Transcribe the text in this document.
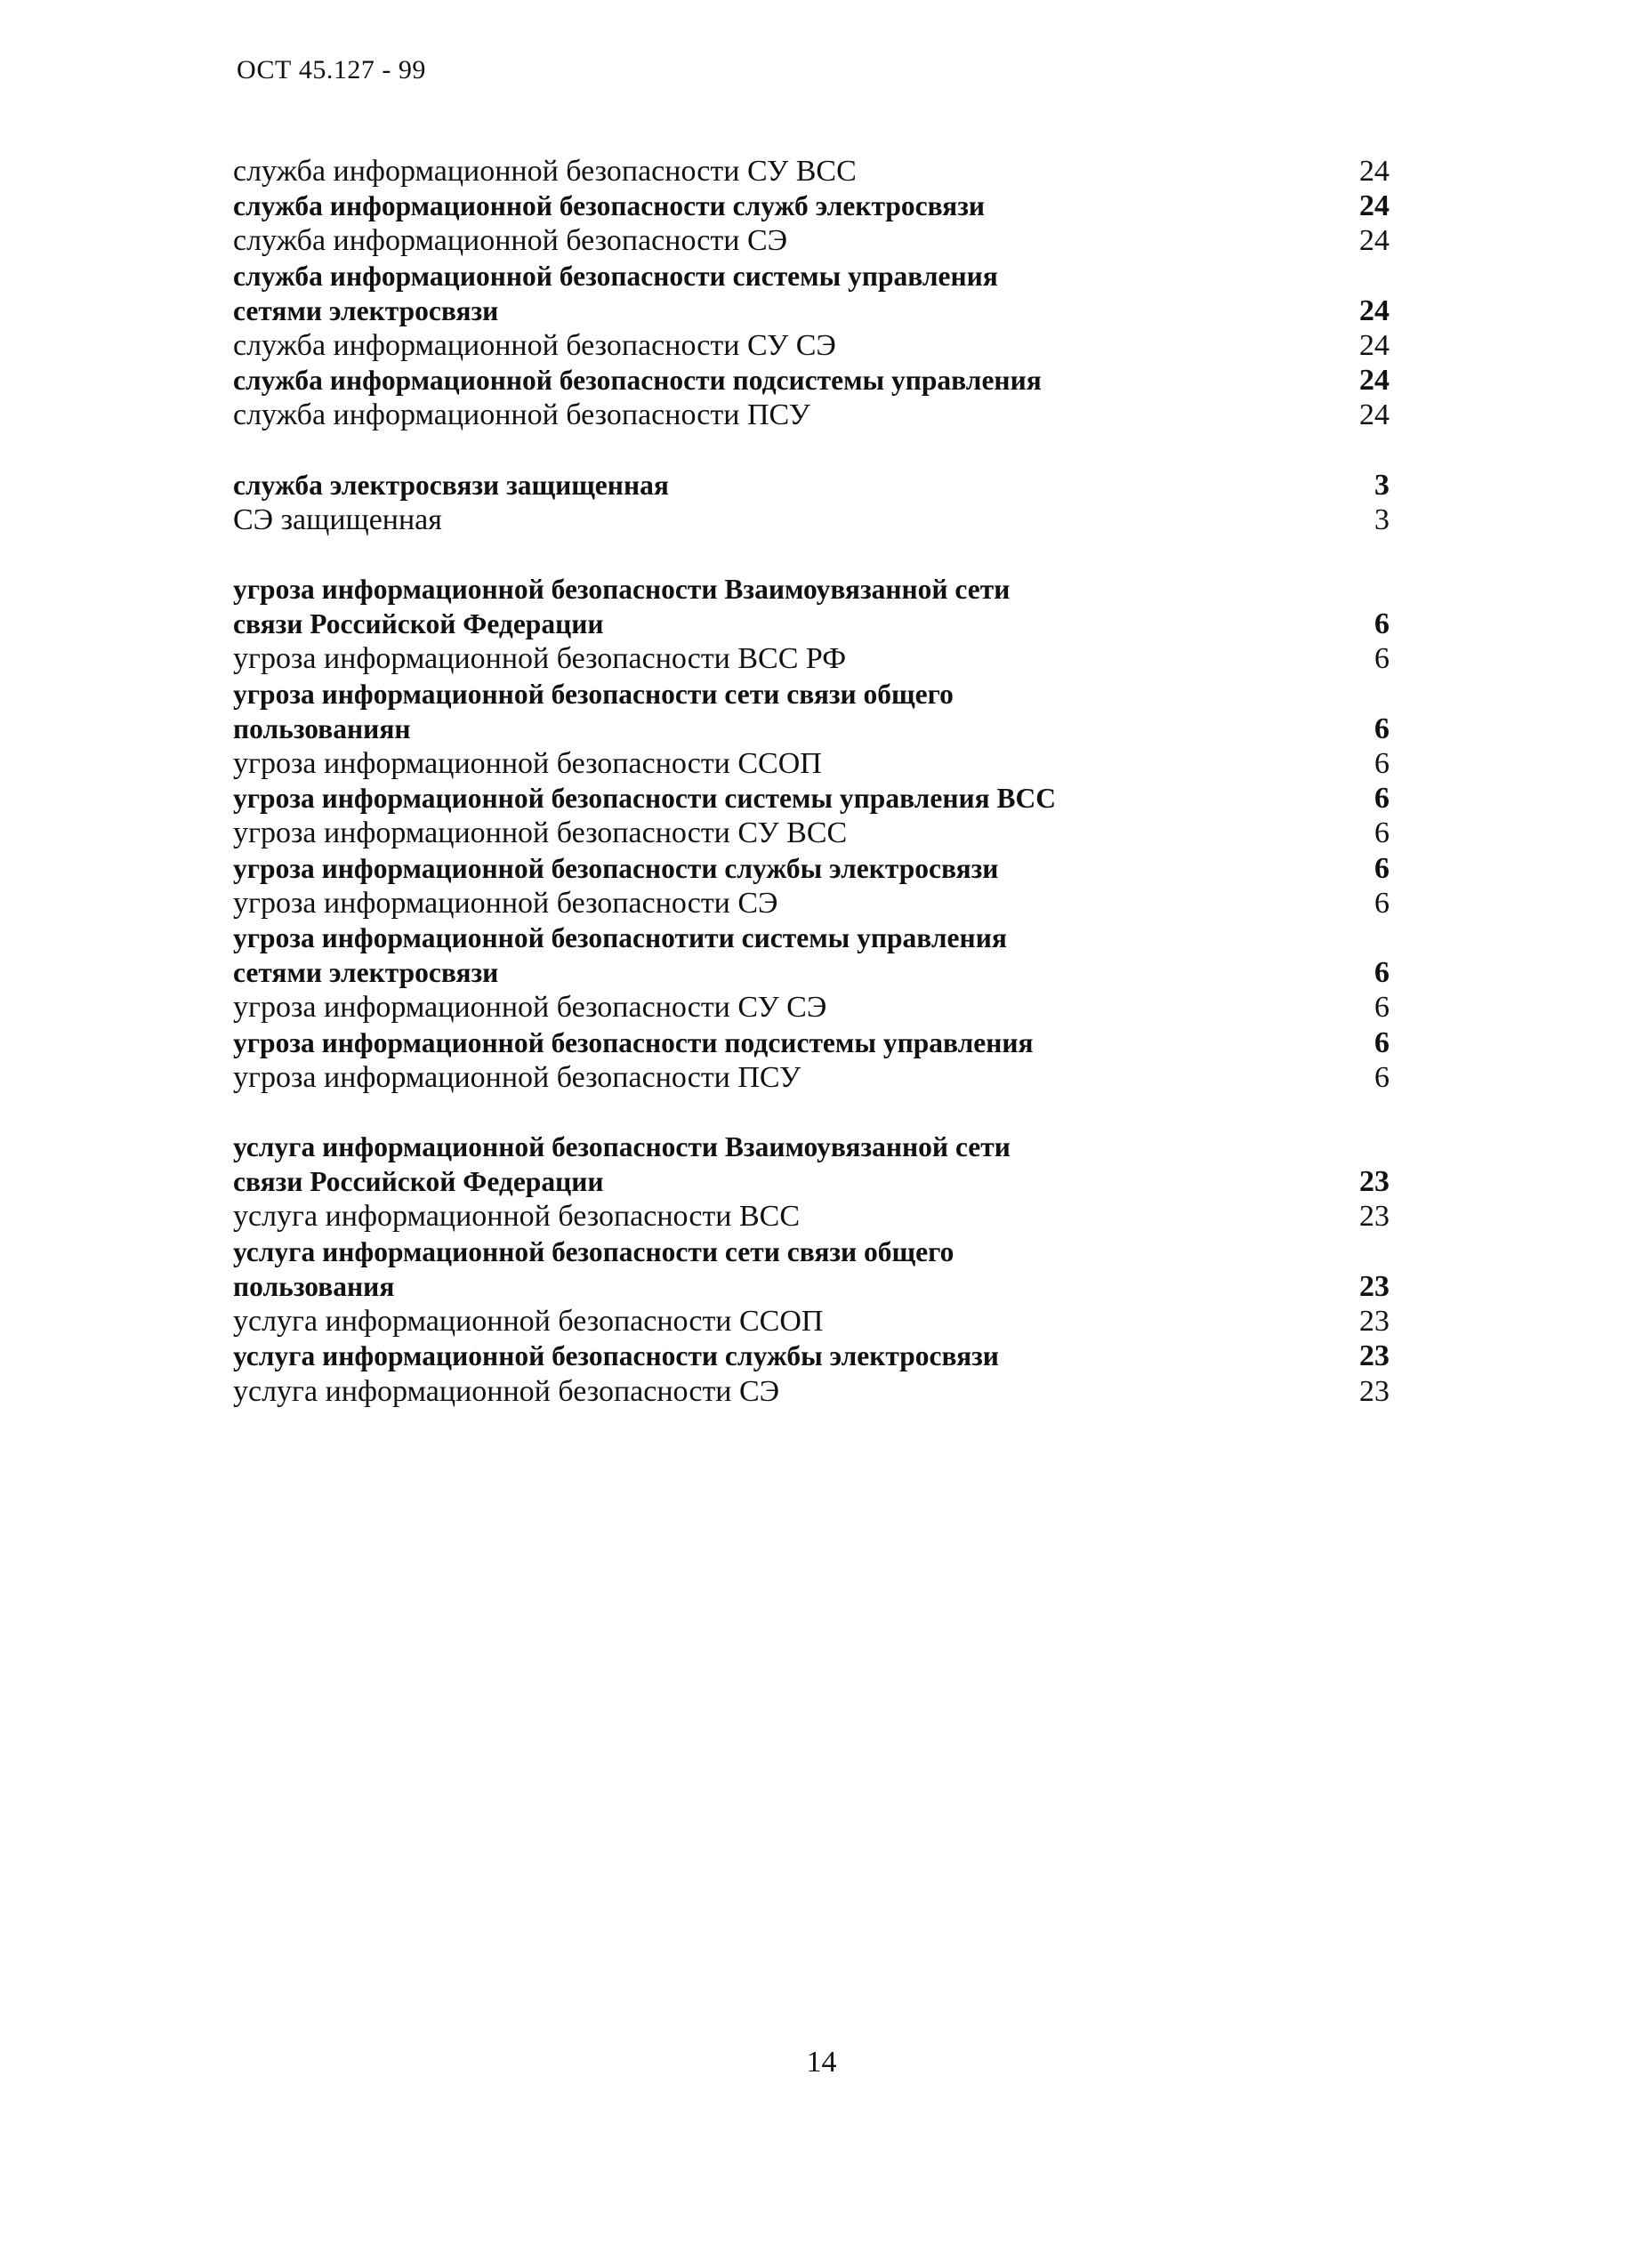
ОСТ 45.127 - 99
служба информационной безопасности СУ ВСС	24
служба информационной безопасности служб электросвязи	24
служба информационной безопасности СЭ	24
служба информационной безопасности системы управления
сетями электросвязи	24
служба информационной безопасности СУ СЭ	24
служба информационной безопасности подсистемы управления	24
служба информационной безопасности ПСУ	24
служба электросвязи защищенная	3
СЭ защищенная	3
угроза информационной безопасности Взаимоувязанной сети
связи Российской Федерации	6
угроза информационной безопасности ВСС РФ	6
угроза информационной безопасности сети связи общего
пользованиян	6
угроза информационной безопасности ССОП	6
угроза информационной безопасности системы управления ВСС	6
угроза информационной безопасности СУ ВСС	6
угроза информационной безопасности службы электросвязи	6
угроза информационной безопасности СЭ	6
угроза информационной безопаснотити системы управления
сетями электросвязи	6
угроза информационной безопасности СУ СЭ	6
угроза информационной безопасности подсистемы управления	6
угроза информационной безопасности ПСУ	6
услуга информационной безопасности Взаимоувязанной сети
связи Российской Федерации	23
услуга информационной безопасности ВСС	23
услуга информационной безопасности сети связи общего
пользования	23
услуга информационной безопасности ССОП	23
услуга информационной безопасности службы электросвязи	23
услуга информационной безопасности СЭ	23
14
